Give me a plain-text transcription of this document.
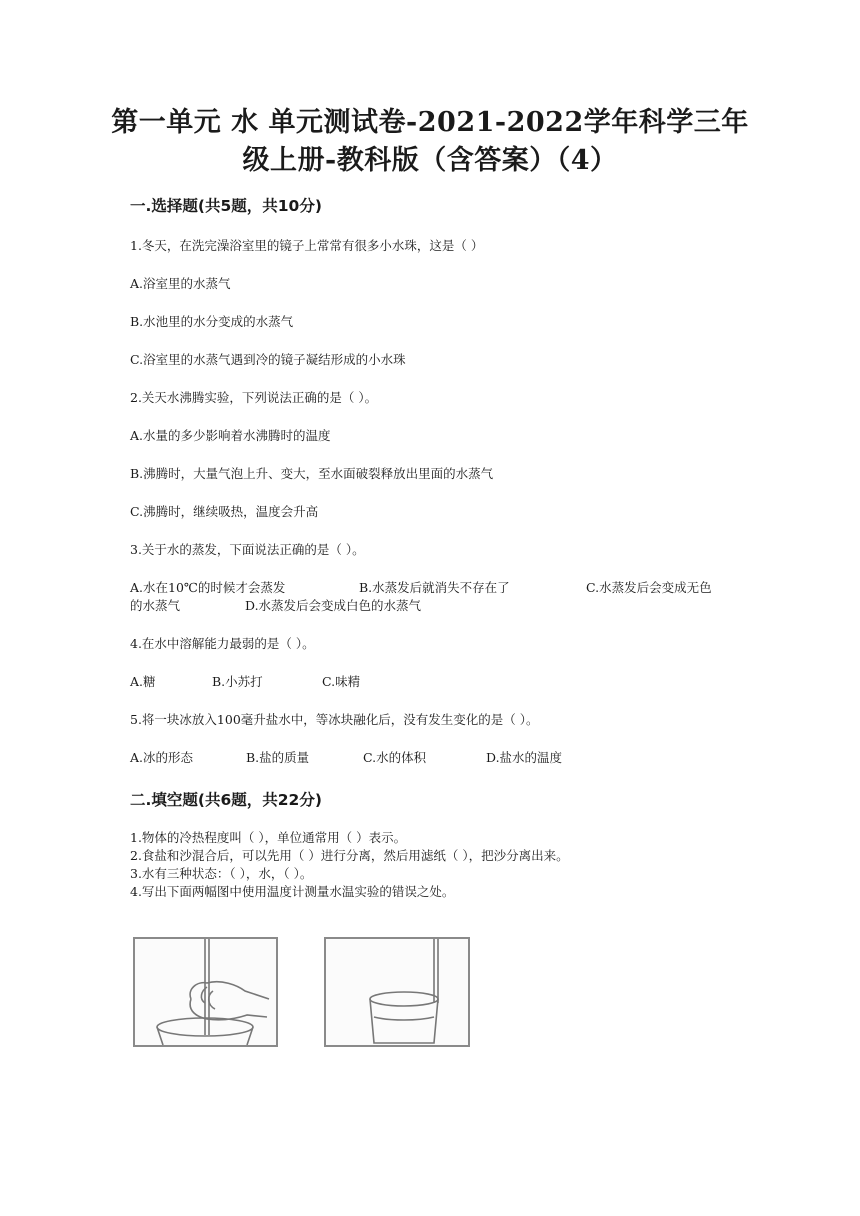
第一单元 水 单元测试卷-2021-2022学年科学三年
级上册-教科版（含答案）（4）
一.选择题(共5题，共10分)
1.冬天，在洗完澡浴室里的镜子上常常有很多小水珠，这是（ ）
A.浴室里的水蒸气
B.水池里的水分变成的水蒸气
C.浴室里的水蒸气遇到冷的镜子凝结形成的小水珠
2.关天水沸腾实验，下列说法正确的是（ ）。
A.水量的多少影响着水沸腾时的温度
B.沸腾时，大量气泡上升、变大，至水面破裂释放出里面的水蒸气
C.沸腾时，继续吸热，温度会升高
3.关于水的蒸发，下面说法正确的是（ ）。
A.水在10℃的时候才会蒸发	B.水蒸发后就消失不存在了	C.水蒸发后会变成无色
的水蒸气	D.水蒸发后会变成白色的水蒸气
4.在水中溶解能力最弱的是（ ）。
A.糖	B.小苏打	C.味精
5.将一块冰放入100毫升盐水中，等冰块融化后，没有发生变化的是（ ）。
A.冰的形态	B.盐的质量	C.水的体积	D.盐水的温度
二.填空题(共6题，共22分)
1.物体的冷热程度叫（ ），单位通常用（ ）表示。
2.食盐和沙混合后，可以先用（ ）进行分离，然后用滤纸（ ），把沙分离出来。
3.水有三种状态：（ ），水，（ ）。
4.写出下面两幅图中使用温度计测量水温实验的错误之处。
